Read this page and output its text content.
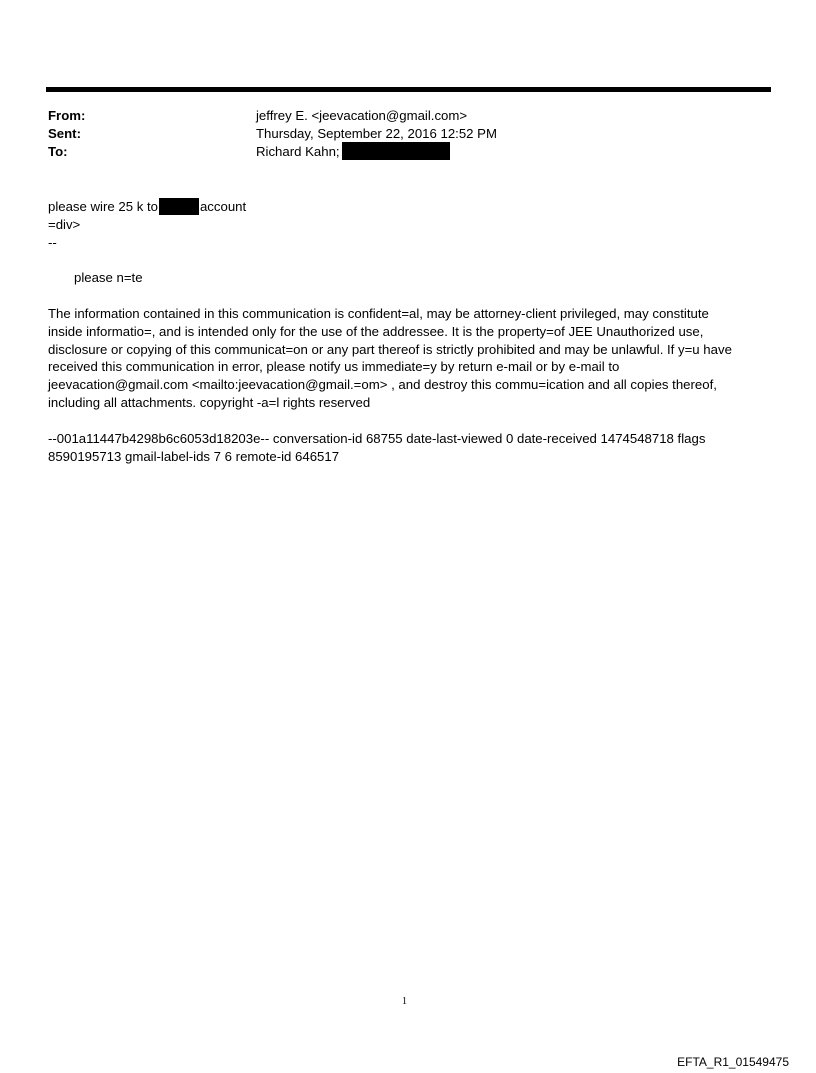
From:	jeffrey E. <jeevacation@gmail.com>
Sent:	Thursday, September 22, 2016 12:52 PM
To:	Richard Kahn;
please wire 25 k to	account
=div>
--
please n=te
The information contained in this communication is confident=al, may be attorney-client privileged, may constitute
inside informatio=, and is intended only for the use of the addressee. It is the property=of JEE Unauthorized use,
disclosure or copying of this communicat=on or any part thereof is strictly prohibited and may be unlawful. If y=u have
received this communication in error, please notify us immediate=y by return e-mail or by e-mail to
jeevacation@gmail.com <mailto:jeevacation@gmail.=om> , and destroy this commu=ication and all copies thereof,
including all attachments. copyright -a=l rights reserved
--001a11447b4298b6c6053d18203e-- conversation-id 68755 date-last-viewed 0 date-received 1474548718 flags
8590195713 gmail-label-ids 7 6 remote-id 646517
1
EFTA_R1_01549475
